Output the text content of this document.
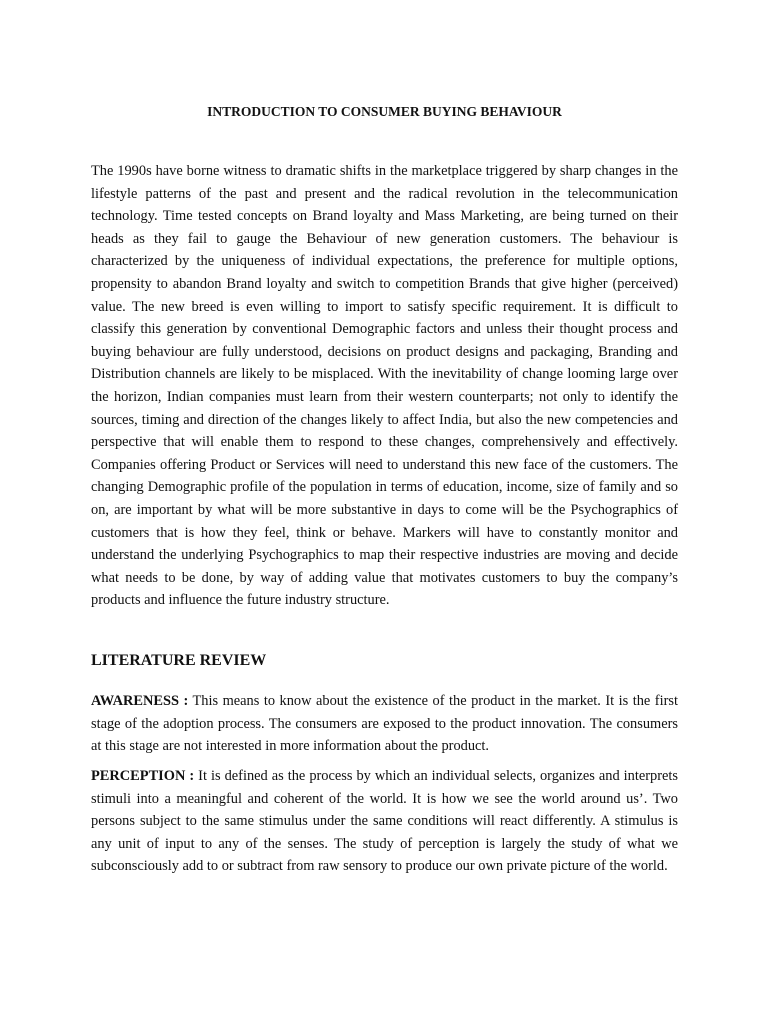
INTRODUCTION TO CONSUMER BUYING BEHAVIOUR

The 1990s have borne witness to dramatic shifts in the marketplace triggered by sharp changes in the lifestyle patterns of the past and present and the radical revolution in the telecommunication technology. Time tested concepts on Brand loyalty and Mass Marketing, are being turned on their heads as they fail to gauge the Behaviour of new generation customers. The behaviour is characterized by the uniqueness of individual expectations, the preference for multiple options, propensity to abandon Brand loyalty and switch to competition Brands that give higher (perceived) value. The new breed is even willing to import to satisfy specific requirement. It is difficult to classify this generation by conventional Demographic factors and unless their thought process and buying behaviour are fully understood, decisions on product designs and packaging, Branding and Distribution channels are likely to be misplaced. With the inevitability of change looming large over the horizon, Indian companies must learn from their western counterparts; not only to identify the sources, timing and direction of the changes likely to affect India, but also the new competencies and perspective that will enable them to respond to these changes, comprehensively and effectively. Companies offering Product or Services will need to understand this new face of the customers. The changing Demographic profile of the population in terms of education, income, size of family and so on, are important by what will be more substantive in days to come will be the Psychographics of customers that is how they feel, think or behave. Markers will have to constantly monitor and understand the underlying Psychographics to map their respective industries are moving and decide what needs to be done, by way of adding value that motivates customers to buy the company’s products and influence the future industry structure.

LITERATURE REVIEW

AWARENESS : This means to know about the existence of the product in the market. It is the first stage of the adoption process. The consumers are exposed to the product innovation. The consumers at this stage are not interested in more information about the product.

PERCEPTION : It is defined as the process by which an individual selects, organizes and interprets stimuli into a meaningful and coherent of the world. It is how we see the world around us’. Two persons subject to the same stimulus under the same conditions will react differently. A stimulus is any unit of input to any of the senses. The study of perception is largely the study of what we subconsciously add to or subtract from raw sensory to produce our own private picture of the world.
